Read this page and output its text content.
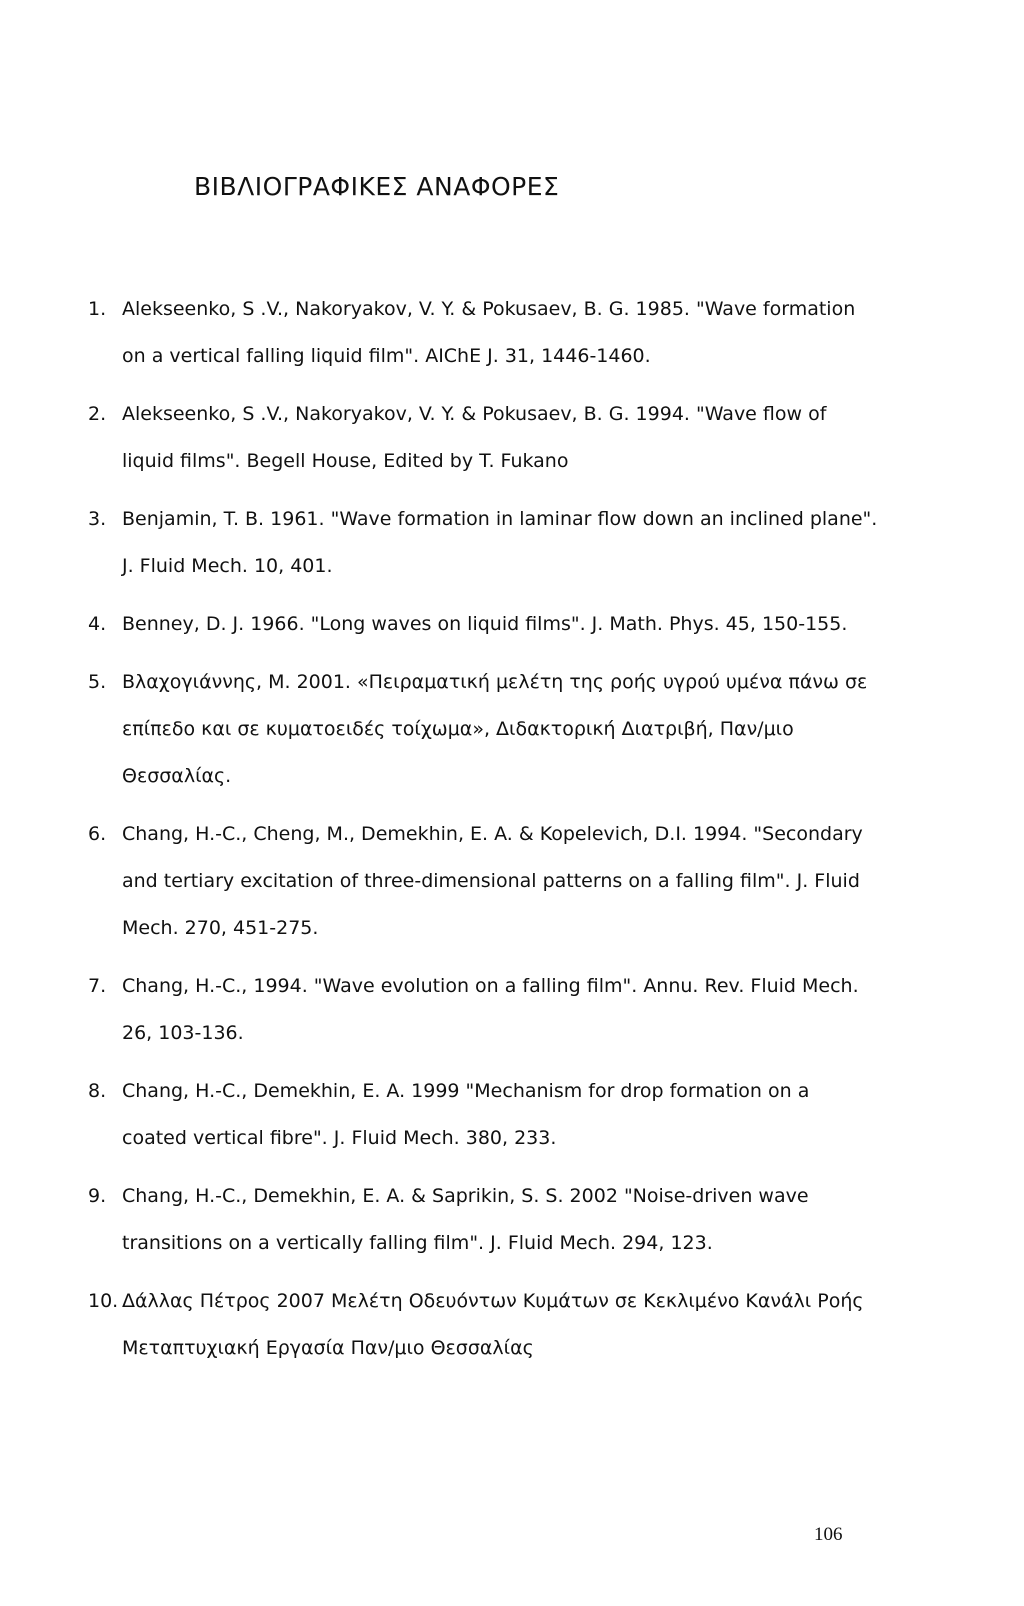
ΒΙΒΛΙΟΓΡΑΦΙΚΕΣ ΑΝΑΦΟΡΕΣ
1. Alekseenko, S .V., Nakoryakov, V. Y. & Pokusaev, B. G. 1985. "Wave formation on a vertical falling liquid film". AIChE J. 31, 1446-1460.
2. Alekseenko, S .V., Nakoryakov, V. Y. & Pokusaev, B. G. 1994. "Wave flow of liquid films". Begell House, Edited by T. Fukano
3. Benjamin, T. B. 1961. "Wave formation in laminar flow down an inclined plane". J. Fluid Mech. 10, 401.
4. Benney, D. J. 1966. "Long waves on liquid films". J. Math. Phys. 45, 150-155.
5. Βλαχογιάννης, Μ. 2001. «Πειραματική μελέτη της ροής υγρού υμένα πάνω σε επίπεδο και σε κυματοειδές τοίχωμα», Διδακτορική Διατριβή, Παν/μιο Θεσσαλίας.
6. Chang, H.-C., Cheng, M., Demekhin, E. A. & Kopelevich, D.I. 1994. "Secondary and tertiary excitation of three-dimensional patterns on a falling film". J. Fluid Mech. 270, 451-275.
7. Chang, H.-C., 1994. "Wave evolution on a falling film". Annu. Rev. Fluid Mech. 26, 103-136.
8. Chang, H.-C., Demekhin, E. A. 1999 "Mechanism for drop formation on a coated vertical fibre". J. Fluid Mech. 380, 233.
9. Chang, H.-C., Demekhin, E. A. & Saprikin, S. S. 2002 "Noise-driven wave transitions on a vertically falling film". J. Fluid Mech. 294, 123.
10. Δάλλας Πέτρος 2007 Μελέτη Οδευόντων Κυμάτων σε Κεκλιμένο Κανάλι Ροής Μεταπτυχιακή Εργασία Παν/μιο Θεσσαλίας
106
